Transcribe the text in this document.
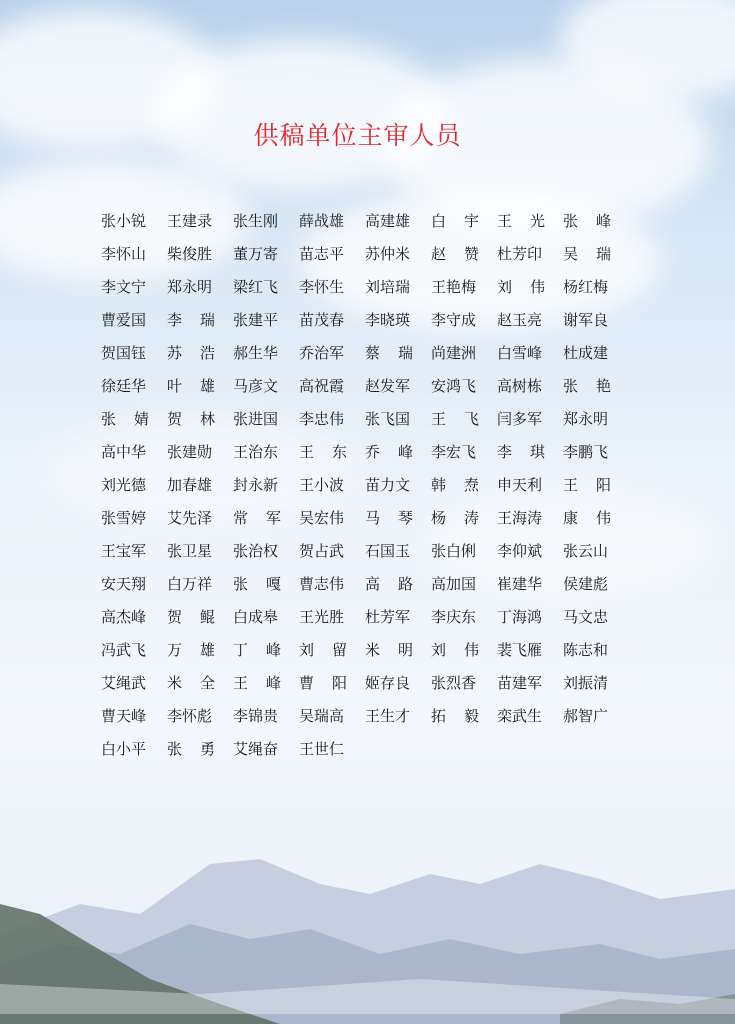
供稿单位主审人员
张小锐 王建录 张生刚 薛战雄 高建雄 白 宇 王 光 张 峰
李怀山 柴俊胜 董万寄 苗志平 苏仲米 赵 赞 杜芳印 吴 瑞
李文宁 郑永明 梁红飞 李怀生 刘培瑞 王艳梅 刘 伟 杨红梅
曹爱国 李 瑞 张建平 苗茂春 李晓瑛 李守成 赵玉亮 谢军良
贺国钰 苏 浩 郝生华 乔治军 蔡 瑞 尚建洲 白雪峰 杜成建
徐廷华 叶 雄 马彦文 高祝霞 赵发军 安鸿飞 高树栋 张 艳
张 婧 贺 林 张进国 李忠伟 张飞国 王 飞 闫多军 郑永明
高中华 张建勋 王治东 王 东 乔 峰 李宏飞 李 琪 李鹏飞
刘光德 加春雄 封永新 王小波 苗力文 韩 焘 申天利 王 阳
张雪婷 艾先泽 常 军 吴宏伟 马 琴 杨 涛 王海涛 康 伟
王宝军 张卫星 张治权 贺占武 石国玉 张白俐 李仰斌 张云山
安天翔 白万祥 张 嘎 曹志伟 高 路 高加国 崔建华 侯建彪
高杰峰 贺 鲲 白成皋 王光胜 杜芳军 李庆东 丁海鸿 马文忠
冯武飞 万 雄 丁 峰 刘 留 米 明 刘 伟 裴飞雁 陈志和
艾绳武 米 全 王 峰 曹 阳 姬存良 张烈香 苗建军 刘振清
曹天峰 李怀彪 李锦贵 吴瑞高 王生才 拓 毅 栾武生 郝智广
白小平 张 勇 艾绳奋 王世仁
